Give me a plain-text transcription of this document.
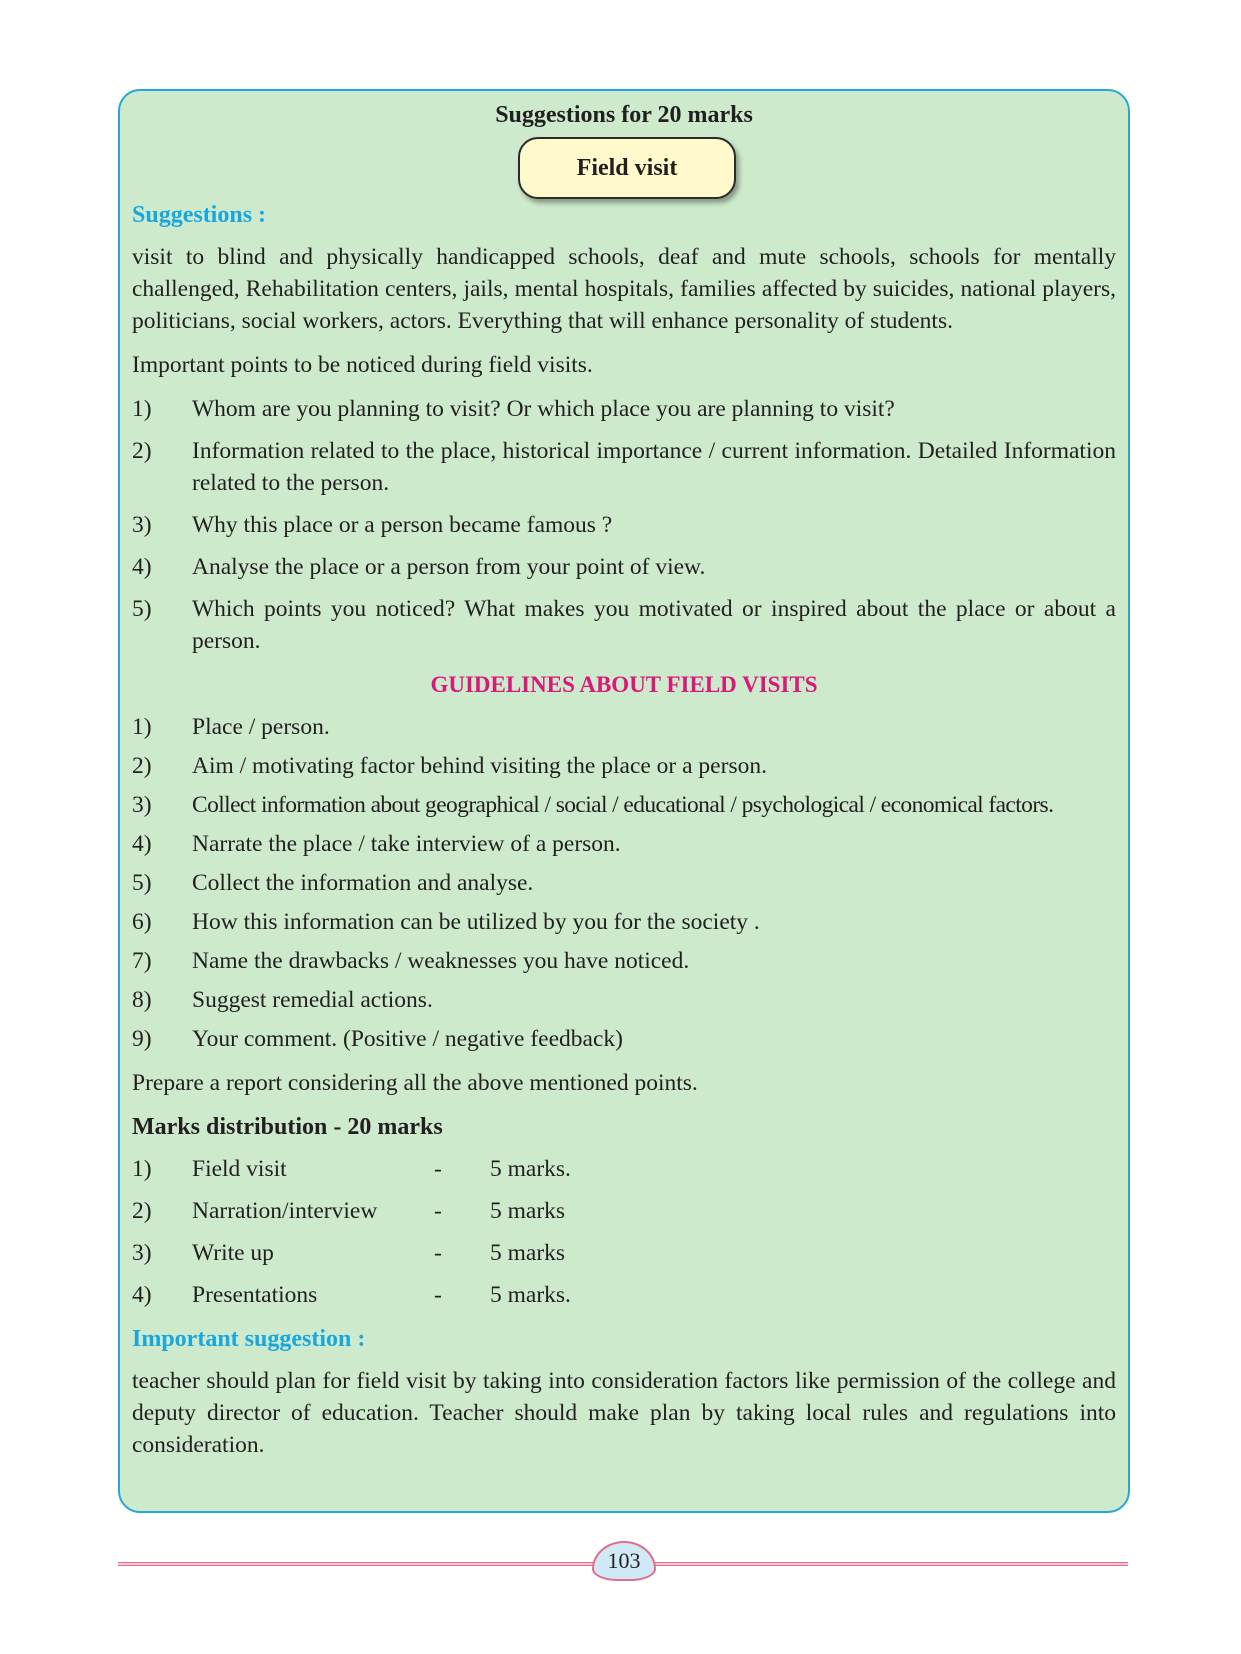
Suggestions for 20 marks
Field visit
Suggestions :

visit to blind and physically handicapped schools, deaf and mute schools, schools for mentally challenged, Rehabilitation centers, jails, mental hospitals, families affected by suicides, national players, politicians, social workers, actors. Everything that will enhance personality of students.

Important points to be noticed during field visits.

1)	Whom are you planning to visit? Or which place you are planning to visit?
2)	Information related to the place, historical importance / current information. Detailed Information related to the person.
3)	Why this place or a person became famous ?
4)	Analyse the place or a person from your point of view.
5)	Which points you noticed? What makes you motivated or inspired about the place or about a person.
GUIDELINES ABOUT FIELD VISITS
1)	Place / person.
2)	Aim / motivating factor behind visiting the place or a person.
3)	Collect information about geographical / social / educational / psychological / economical factors.
4)	Narrate the place / take interview of a person.
5)	Collect the information and analyse.
6)	How this information can be utilized by you for the society .
7)	Name the drawbacks / weaknesses you have noticed.
8)	Suggest remedial actions.
9)	Your comment. (Positive / negative feedback)

Prepare a report considering all the above mentioned points.

Marks distribution - 20 marks
1)	Field visit	-	5 marks.
2)	Narration/interview	-	5 marks
3)	Write up	-	5 marks
4)	Presentations	-	5 marks.
Important suggestion :

teacher should plan for field visit by taking into consideration factors like permission of the college and deputy director of education. Teacher should make plan by taking local rules and regulations into consideration.

103
